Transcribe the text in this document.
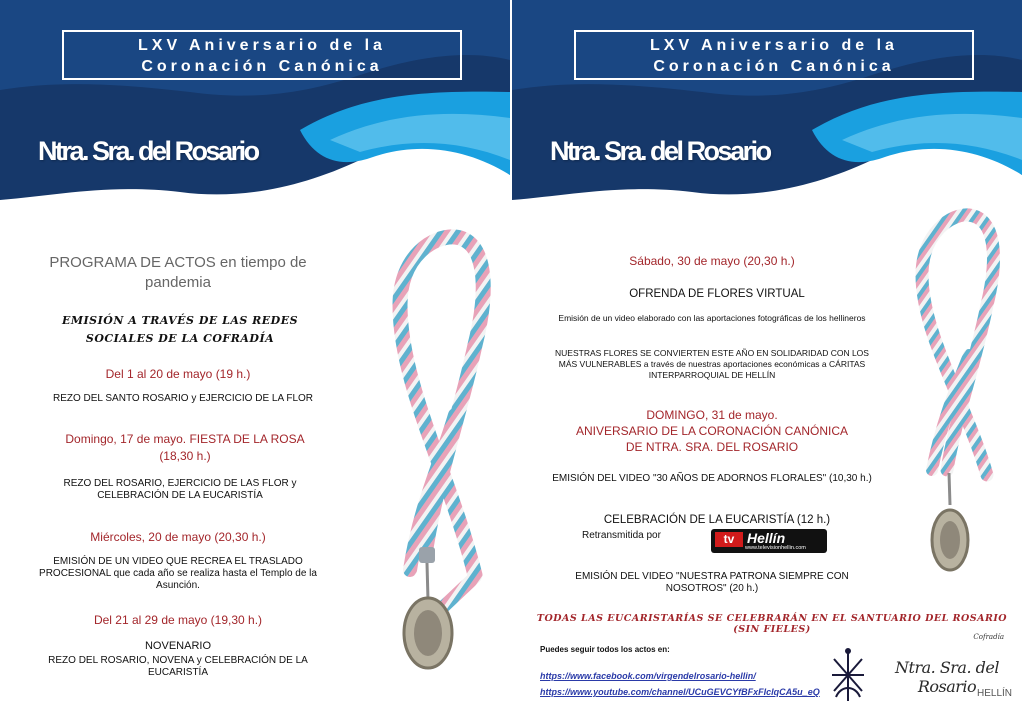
LXV Aniversario de la
Coronación Canónica
Ntra. Sra. del Rosario
PROGRAMA DE ACTOS en tiempo de pandemia
EMISIÓN A TRAVÉS DE LAS REDES
SOCIALES DE LA COFRADÍA
Del 1 al 20 de mayo (19 h.)
REZO DEL SANTO ROSARIO y EJERCICIO DE LA FLOR
Domingo, 17 de mayo. FIESTA DE LA ROSA (18,30 h.)
REZO DEL ROSARIO, EJERCICIO DE LAS FLOR y CELEBRACIÓN DE LA EUCARISTÍA
Miércoles, 20 de mayo (20,30 h.)
EMISIÓN DE UN VIDEO QUE RECREA EL TRASLADO PROCESIONAL que cada año se realiza hasta el Templo de la Asunción.
Del 21 al 29 de mayo (19,30 h.)
NOVENARIO
REZO DEL ROSARIO, NOVENA y CELEBRACIÓN DE LA EUCARISTÍA
LXV Aniversario de la
Coronación Canónica
Ntra. Sra. del Rosario
Sábado, 30 de mayo (20,30 h.)
OFRENDA DE FLORES VIRTUAL
Emisión de un video elaborado con las aportaciones fotográficas de los hellineros
NUESTRAS FLORES SE CONVIERTEN ESTE AÑO EN SOLIDARIDAD CON LOS MÁS VULNERABLES a través de nuestras aportaciones económicas a CÁRITAS INTERPARROQUIAL DE HELLÍN
DOMINGO, 31 de mayo.
ANIVERSARIO DE LA CORONACIÓN CANÓNICA
DE NTRA. SRA. DEL ROSARIO
EMISIÓN DEL VIDEO "30 AÑOS DE ADORNOS FLORALES" (10,30 h.)
CELEBRACIÓN DE LA EUCARISTÍA (12 h.)
Retransmitida por
EMISIÓN DEL VIDEO "NUESTRA PATRONA SIEMPRE CON NOSOTROS" (20 h.)
TODAS LAS EUCARISTARÍAS SE CELEBRARÁN EN EL SANTUARIO DEL ROSARIO (SIN FIELES)
Puedes seguir todos los actos en:
https://www.facebook.com/virgendelrosario-hellin/
https://www.youtube.com/channel/UCuGEVCYfBFxFIclqCA5u_eQ
Cofradía
Ntra. Sra. del Rosario HELLÍN
tv Hellín
www.televisionhellin.com
